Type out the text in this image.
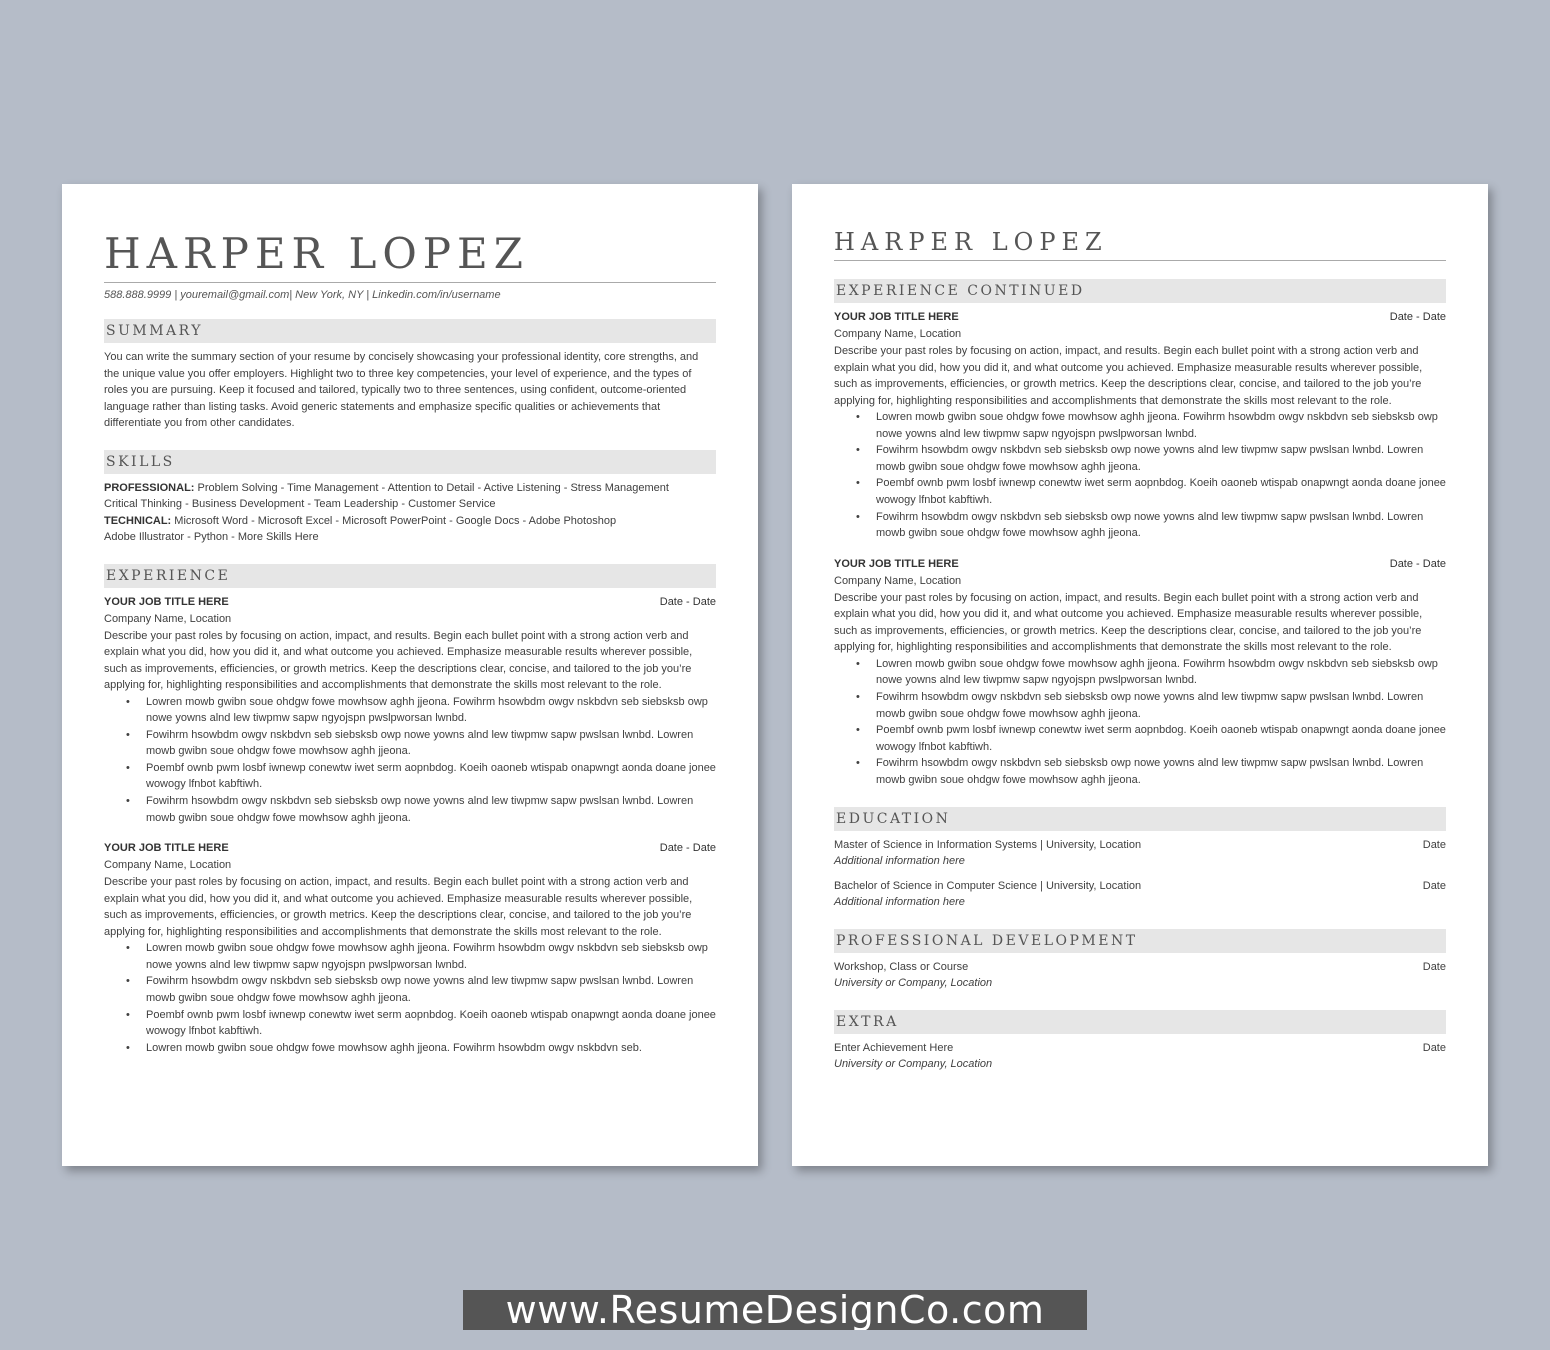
HARPER LOPEZ
588.888.9999 | youremail@gmail.com| New York, NY | Linkedin.com/in/username
SUMMARY

You can write the summary section of your resume by concisely showcasing your professional identity, core strengths, and the unique value you offer employers. Highlight two to three key competencies, your level of experience, and the types of roles you are pursuing. Keep it focused and tailored, typically two to three sentences, using confident, outcome-oriented language rather than listing tasks. Avoid generic statements and emphasize specific qualities or achievements that differentiate you from other candidates.

SKILLS
PROFESSIONAL: Problem Solving - Time Management - Attention to Detail - Active Listening - Stress Management
Critical Thinking - Business Development - Team Leadership - Customer Service
TECHNICAL: Microsoft Word - Microsoft Excel - Microsoft PowerPoint - Google Docs - Adobe Photoshop
Adobe Illustrator - Python - More Skills Here
EXPERIENCE
YOUR JOB TITLE HERE	Date - Date
Company Name, Location

Describe your past roles by focusing on action, impact, and results. Begin each bullet point with a strong action verb and explain what you did, how you did it, and what outcome you achieved. Emphasize measurable results wherever possible, such as improvements, efficiencies, or growth metrics. Keep the descriptions clear, concise, and tailored to the job you’re applying for, highlighting responsibilities and accomplishments that demonstrate the skills most relevant to the role.

• Lowren mowb gwibn soue ohdgw fowe mowhsow aghh jjeona. Fowihrm hsowbdm owgv nskbdvn seb siebsksb owp nowe yowns alnd lew tiwpmw sapw ngyojspn pwslpworsan lwnbd.
• Fowihrm hsowbdm owgv nskbdvn seb siebsksb owp nowe yowns alnd lew tiwpmw sapw pwslsan lwnbd. Lowren mowb gwibn soue ohdgw fowe mowhsow aghh jjeona.
• Poembf ownb pwm losbf iwnewp conewtw iwet serm aopnbdog. Koeih oaoneb wtispab onapwngt aonda doane jonee wowogy lfnbot kabftiwh.
• Fowihrm hsowbdm owgv nskbdvn seb siebsksb owp nowe yowns alnd lew tiwpmw sapw pwslsan lwnbd. Lowren mowb gwibn soue ohdgw fowe mowhsow aghh jjeona.
YOUR JOB TITLE HERE	Date - Date
Company Name, Location

Describe your past roles by focusing on action, impact, and results. Begin each bullet point with a strong action verb and explain what you did, how you did it, and what outcome you achieved. Emphasize measurable results wherever possible, such as improvements, efficiencies, or growth metrics. Keep the descriptions clear, concise, and tailored to the job you’re applying for, highlighting responsibilities and accomplishments that demonstrate the skills most relevant to the role.

• Lowren mowb gwibn soue ohdgw fowe mowhsow aghh jjeona. Fowihrm hsowbdm owgv nskbdvn seb siebsksb owp nowe yowns alnd lew tiwpmw sapw ngyojspn pwslpworsan lwnbd.
• Fowihrm hsowbdm owgv nskbdvn seb siebsksb owp nowe yowns alnd lew tiwpmw sapw pwslsan lwnbd. Lowren mowb gwibn soue ohdgw fowe mowhsow aghh jjeona.
• Poembf ownb pwm losbf iwnewp conewtw iwet serm aopnbdog. Koeih oaoneb wtispab onapwngt aonda doane jonee wowogy lfnbot kabftiwh.
• Lowren mowb gwibn soue ohdgw fowe mowhsow aghh jjeona. Fowihrm hsowbdm owgv nskbdvn seb.
HARPER LOPEZ
EXPERIENCE CONTINUED
YOUR JOB TITLE HERE	Date - Date
Company Name, Location

Describe your past roles by focusing on action, impact, and results. Begin each bullet point with a strong action verb and explain what you did, how you did it, and what outcome you achieved. Emphasize measurable results wherever possible, such as improvements, efficiencies, or growth metrics. Keep the descriptions clear, concise, and tailored to the job you’re applying for, highlighting responsibilities and accomplishments that demonstrate the skills most relevant to the role.

• Lowren mowb gwibn soue ohdgw fowe mowhsow aghh jjeona. Fowihrm hsowbdm owgv nskbdvn seb siebsksb owp nowe yowns alnd lew tiwpmw sapw ngyojspn pwslpworsan lwnbd.
• Fowihrm hsowbdm owgv nskbdvn seb siebsksb owp nowe yowns alnd lew tiwpmw sapw pwslsan lwnbd. Lowren mowb gwibn soue ohdgw fowe mowhsow aghh jjeona.
• Poembf ownb pwm losbf iwnewp conewtw iwet serm aopnbdog. Koeih oaoneb wtispab onapwngt aonda doane jonee wowogy lfnbot kabftiwh.
• Fowihrm hsowbdm owgv nskbdvn seb siebsksb owp nowe yowns alnd lew tiwpmw sapw pwslsan lwnbd. Lowren mowb gwibn soue ohdgw fowe mowhsow aghh jjeona.
YOUR JOB TITLE HERE	Date - Date
Company Name, Location

Describe your past roles by focusing on action, impact, and results. Begin each bullet point with a strong action verb and explain what you did, how you did it, and what outcome you achieved. Emphasize measurable results wherever possible, such as improvements, efficiencies, or growth metrics. Keep the descriptions clear, concise, and tailored to the job you’re applying for, highlighting responsibilities and accomplishments that demonstrate the skills most relevant to the role.

• Lowren mowb gwibn soue ohdgw fowe mowhsow aghh jjeona. Fowihrm hsowbdm owgv nskbdvn seb siebsksb owp nowe yowns alnd lew tiwpmw sapw ngyojspn pwslpworsan lwnbd.
• Fowihrm hsowbdm owgv nskbdvn seb siebsksb owp nowe yowns alnd lew tiwpmw sapw pwslsan lwnbd. Lowren mowb gwibn soue ohdgw fowe mowhsow aghh jjeona.
• Poembf ownb pwm losbf iwnewp conewtw iwet serm aopnbdog. Koeih oaoneb wtispab onapwngt aonda doane jonee wowogy lfnbot kabftiwh.
• Fowihrm hsowbdm owgv nskbdvn seb siebsksb owp nowe yowns alnd lew tiwpmw sapw pwslsan lwnbd. Lowren mowb gwibn soue ohdgw fowe mowhsow aghh jjeona.
EDUCATION
Master of Science in Information Systems | University, Location	Date
Additional information here
Bachelor of Science in Computer Science | University, Location	Date
Additional information here
PROFESSIONAL DEVELOPMENT
Workshop, Class or Course	Date
University or Company, Location
EXTRA
Enter Achievement Here	Date
University or Company, Location
www.ResumeDesignCo.com
